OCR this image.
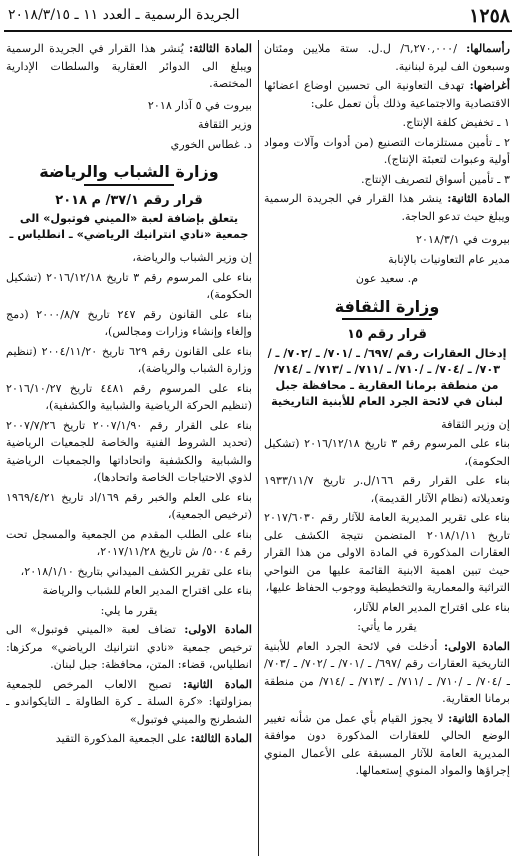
١٢٥٨
الجريدة الرسمية ـ العدد ١١ ـ ٢٠١٨/٣/١٥

رأسمالها: /٦,٢٧٠,٠٠٠/ ل.ل. ستة ملايين ومئتان وسبعون الف ليرة لبنانية.

أغراضها: تهدف التعاونية الى تحسين اوضاع اعضائها الاقتصادية والاجتماعية وذلك بأن تعمل على:

١ ـ تخفيض كلفة الإنتاج.

٢ ـ تأمين مستلزمات التصنيع (من أدوات وآلات ومواد أولية وعبوات لتعبئة الإنتاج).

٣ ـ تأمين أسواق لتصريف الإنتاج.

المادة الثانية: ينشر هذا القرار في الجريدة الرسمية ويبلغ حيث تدعو الحاجة.

بيروت في ٢٠١٨/٣/١

مدير عام التعاونيات بالإنابة

م. سعيد عون

وزارة الثقافة
قرار رقم ١٥
إدخال العقارات رقم /٦٩٧/ ـ /٧٠١/ ـ /٧٠٢/ ـ /٧٠٣/ ـ /٧٠٤/ ـ /٧١٠/ ـ /٧١١/ ـ /٧١٣/ ـ /٧١٤/ من منطقة برمانا العقارية ـ محافظة جبل لبنان في لائحة الجرد العام للأبنية التاريخية

إن وزير الثقافة

بناء على المرسوم رقم ٣ تاريخ ٢٠١٦/١٢/١٨ (تشكيل الحكومة)،

بناء على القرار رقم ١٦٦/ل.ر تاريخ ١٩٣٣/١١/٧ وتعديلاته (نظام الآثار القديمة)،

بناء على تقرير المديرية العامة للآثار رقم ٢٠١٧/٦٠٣٠ تاريخ ٢٠١٨/١/١١ المتضمن نتيجة الكشف على العقارات المذكورة في المادة الاولى من هذا القرار حيث تبين اهمية الابنية القائمة عليها من النواحي التراثية والمعمارية والتخطيطية ووجوب الحفاظ عليها،

بناء على اقتراح المدير العام للآثار،

يقرر ما يأتي:

المادة الاولى: أدخلت في لائحة الجرد العام للأبنية التاريخية العقارات رقم /٦٩٧/ ـ /٧٠١/ ـ /٧٠٢/ ـ /٧٠٣/ ـ /٧٠٤/ ـ /٧١٠/ ـ /٧١١/ ـ /٧١٣/ ـ /٧١٤/ من منطقة برمانا العقارية.

المادة الثانية: لا يجوز القيام بأي عمل من شأنه تغيير الوضع الحالي للعقارات المذكورة دون موافقة المديرية العامة للآثار المسبقة على الأعمال المنوي إجراؤها والمواد المنوي إستعمالها.

المادة الثالثة: يُنشر هذا القرار في الجريدة الرسمية ويبلغ الى الدوائر العقارية والسلطات الإدارية المختصة.

بيروت في ٥ آذار ٢٠١٨

وزير الثقافة

د. غطاس الخوري

وزارة الشباب والرياضة
قرار رقم ٣٧/١/ م ٢٠١٨
يتعلق بإضافة لعبة «الميني فوتبول» الى جمعية «نادي انترانيك الرياضي» ـ انطلياس ـ

إن وزير الشباب والرياضة،

بناء على المرسوم رقم ٣ تاريخ ٢٠١٦/١٢/١٨ (تشكيل الحكومة)،

بناء على القانون رقم ٢٤٧ تاريخ ٢٠٠٠/٨/٧ (دمج وإلغاء وإنشاء وزارات ومجالس)،

بناء على القانون رقم ٦٢٩ تاريخ ٢٠٠٤/١١/٢٠ (تنظيم وزارة الشباب والرياضة)،

بناء على المرسوم رقم ٤٤٨١ تاريخ ٢٠١٦/١٠/٢٧ (تنظيم الحركة الرياضية والشبابية والكشفية)،

بناء على القرار رقم ٢٠٠٧/١/٩٠ تاريخ ٢٠٠٧/٧/٢٦ (تحديد الشروط الفنية والخاصة للجمعيات الرياضية والشبابية والكشفية واتحاداتها والجمعيات الرياضية لذوي الاحتياجات الخاصة واتحادها)،

بناء على العلم والخبر رقم ١٦٩/اد تاريخ ١٩٦٩/٤/٢١ (ترخيص الجمعية)،

بناء على الطلب المقدم من الجمعية والمسجل تحت رقم ٥٠٠٤/ ش تاريخ ٢٠١٧/١١/٢٨،

بناء على تقرير الكشف الميداني بتاريخ ٢٠١٨/١/١٠،

بناء على اقتراح المدير العام للشباب والرياضة

يقرر ما يلي:

المادة الاولى: تضاف لعبة «الميني فوتبول» الى ترخيص جمعية «نادي انترانيك الرياضي» مركزها: انطلياس، قضاء: المتن، محافظة: جبل لبنان.

المادة الثانية: تصبح الالعاب المرخص للجمعية بمزاولتها: «كرة السلة ـ كرة الطاولة ـ التايكواندو ـ الشطرنج والميني فوتبول»

المادة الثالثة: على الجمعية المذكورة التقيد
